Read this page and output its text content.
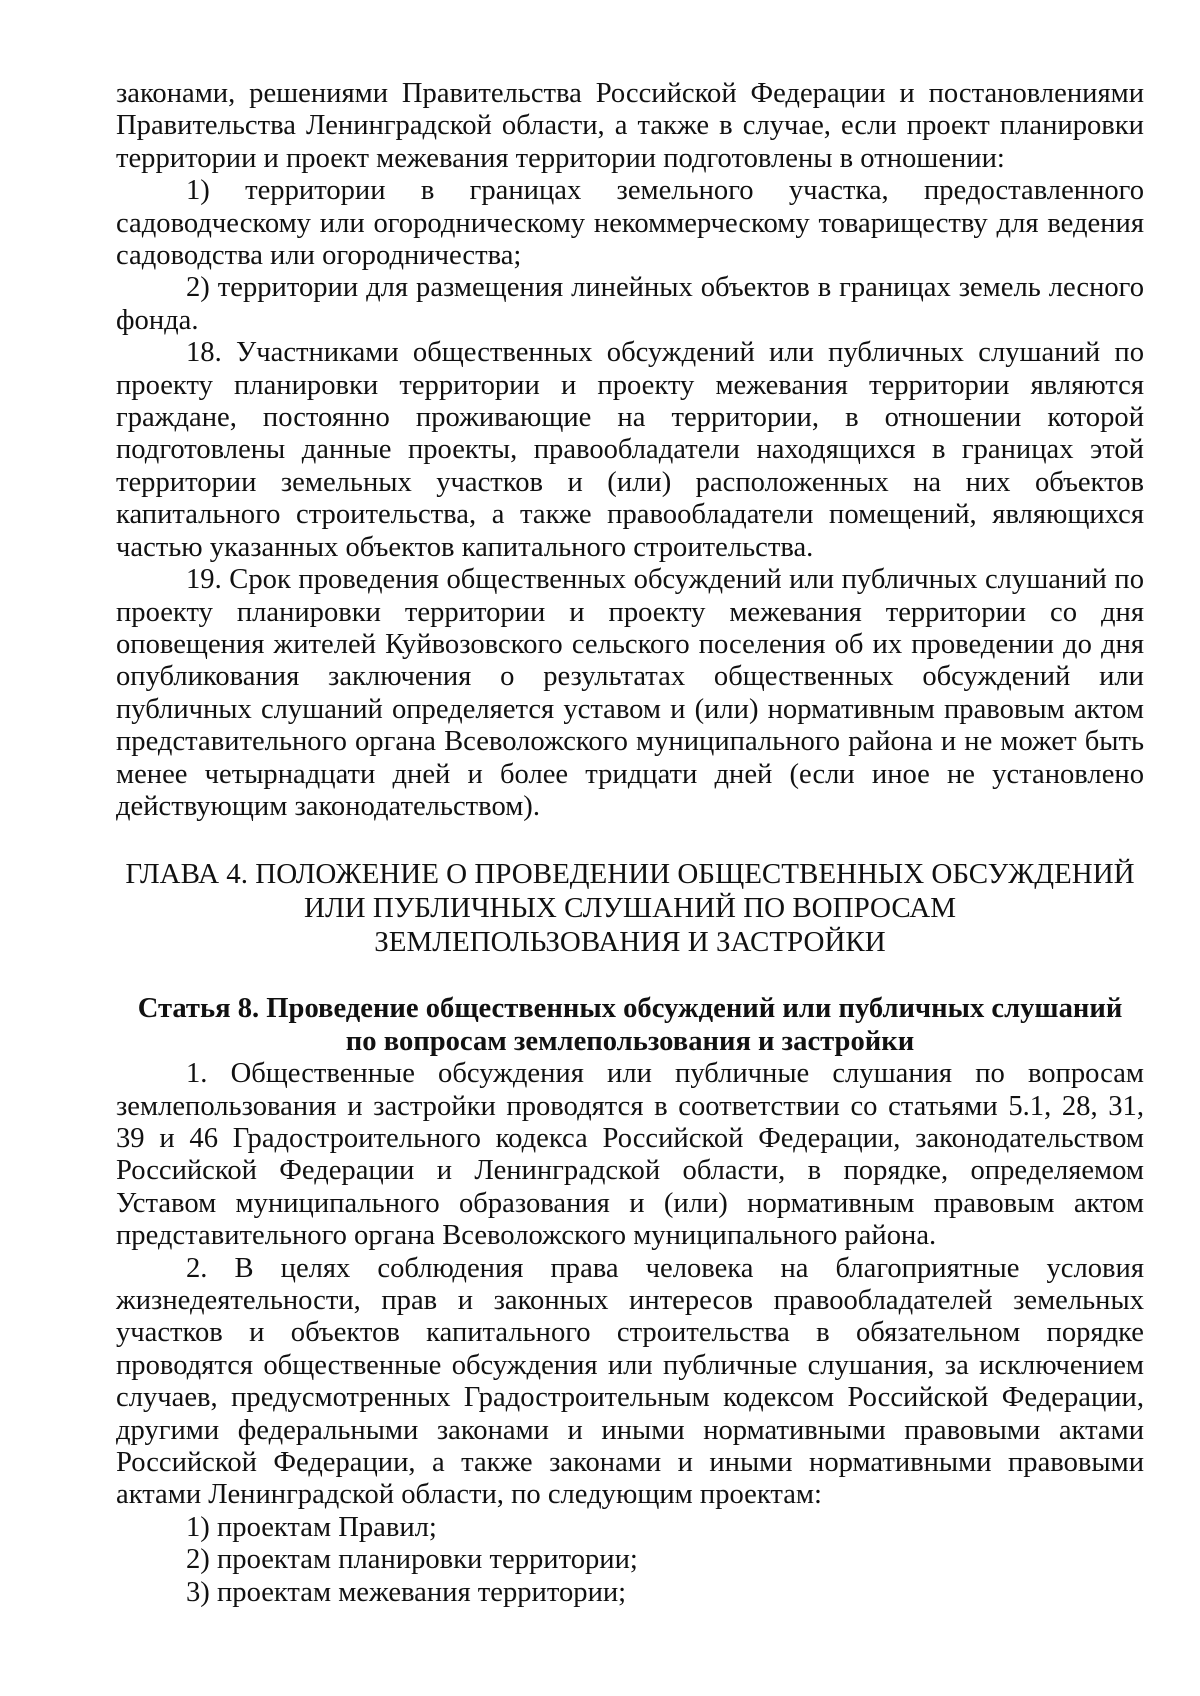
законами, решениями Правительства Российской Федерации и постановлениями Правительства Ленинградской области, а также в случае, если проект планировки территории и проект межевания территории подготовлены в отношении:

1) территории в границах земельного участка, предоставленного садоводческому или огородническому некоммерческому товариществу для ведения садоводства или огородничества;

2) территории для размещения линейных объектов в границах земель лесного фонда.

18. Участниками общественных обсуждений или публичных слушаний по проекту планировки территории и проекту межевания территории являются граждане, постоянно проживающие на территории, в отношении которой подготовлены данные проекты, правообладатели находящихся в границах этой территории земельных участков и (или) расположенных на них объектов капитального строительства, а также правообладатели помещений, являющихся частью указанных объектов капитального строительства.

19. Срок проведения общественных обсуждений или публичных слушаний по проекту планировки территории и проекту межевания территории со дня оповещения жителей Куйвозовского сельского поселения об их проведении до дня опубликования заключения о результатах общественных обсуждений или публичных слушаний определяется уставом и (или) нормативным правовым актом представительного органа Всеволожского муниципального района и не может быть менее четырнадцати дней и более тридцати дней (если иное не установлено действующим законодательством).

ГЛАВА 4. ПОЛОЖЕНИЕ О ПРОВЕДЕНИИ ОБЩЕСТВЕННЫХ ОБСУЖДЕНИЙ
ИЛИ ПУБЛИЧНЫХ СЛУШАНИЙ ПО ВОПРОСАМ
ЗЕМЛЕПОЛЬЗОВАНИЯ И ЗАСТРОЙКИ
Статья 8. Проведение общественных обсуждений или публичных слушаний
по вопросам землепользования и застройки

1. Общественные обсуждения или публичные слушания по вопросам землепользования и застройки проводятся в соответствии со статьями 5.1, 28, 31, 39 и 46 Градостроительного кодекса Российской Федерации, законодательством Российской Федерации и Ленинградской области, в порядке, определяемом Уставом муниципального образования и (или) нормативным правовым актом представительного органа Всеволожского муниципального района.

2. В целях соблюдения права человека на благоприятные условия жизнедеятельности, прав и законных интересов правообладателей земельных участков и объектов капитального строительства в обязательном порядке проводятся общественные обсуждения или публичные слушания, за исключением случаев, предусмотренных Градостроительным кодексом Российской Федерации, другими федеральными законами и иными нормативными правовыми актами Российской Федерации, а также законами и иными нормативными правовыми актами Ленинградской области, по следующим проектам:

1) проектам Правил;
2) проектам планировки территории;
3) проектам межевания территории;
